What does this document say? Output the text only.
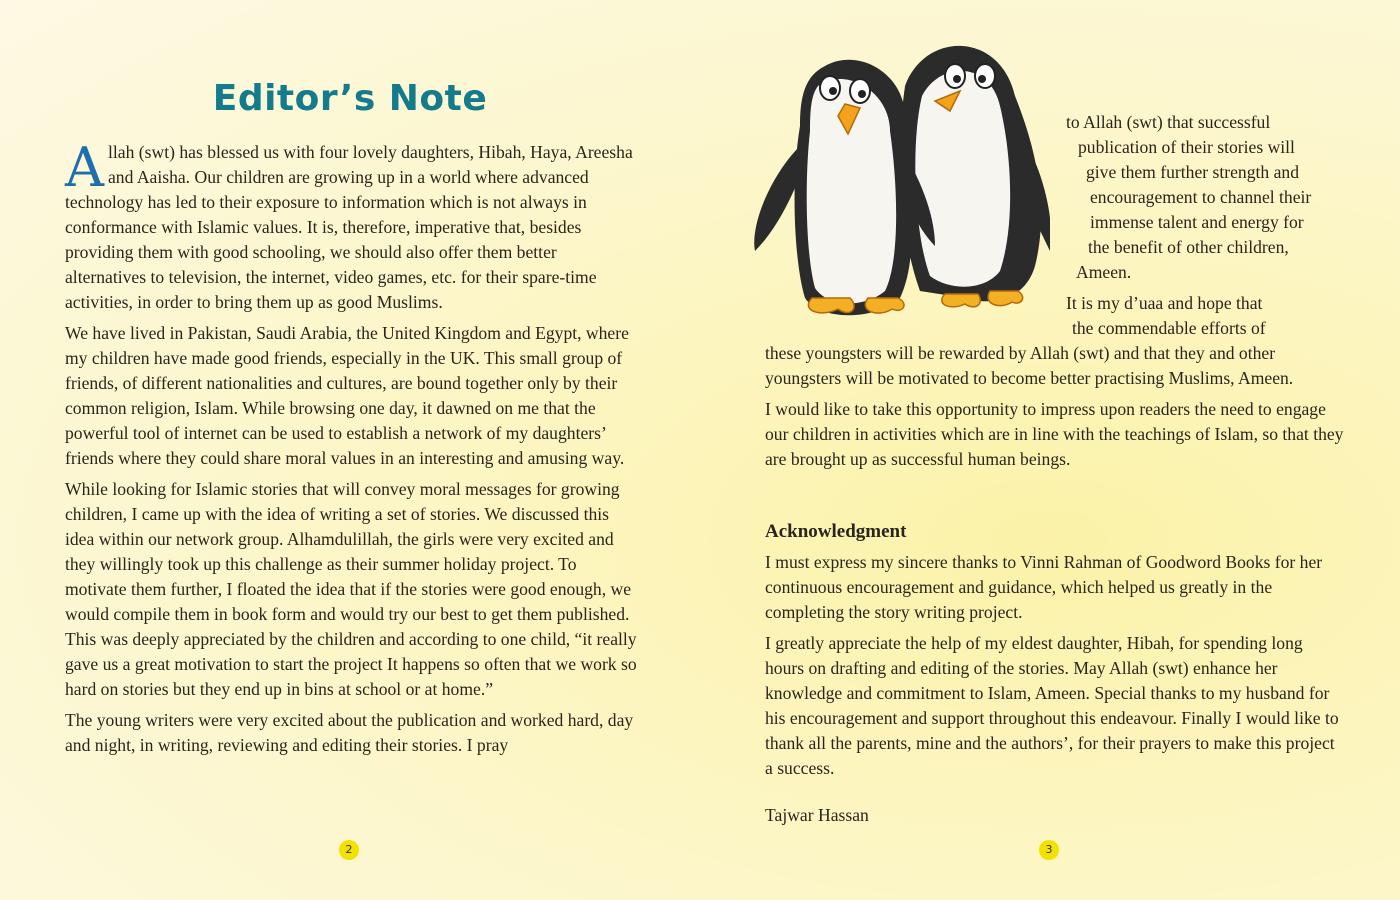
Editor’s Note

Allah (swt) has blessed us with four lovely daughters, Hibah, Haya, Areesha and Aaisha. Our children are growing up in a world where advanced technology has led to their exposure to information which is not always in conformance with Islamic values. It is, therefore, imperative that, besides providing them with good schooling, we should also offer them better alternatives to television, the internet, video games, etc. for their spare-time activities, in order to bring them up as good Muslims.

We have lived in Pakistan, Saudi Arabia, the United Kingdom and Egypt, where my children have made good friends, especially in the UK. This small group of friends, of different nationalities and cultures, are bound together only by their common religion, Islam. While browsing one day, it dawned on me that the powerful tool of internet can be used to establish a network of my daughters’ friends where they could share moral values in an interesting and amusing way.

While looking for Islamic stories that will convey moral messages for growing children, I came up with the idea of writing a set of stories. We discussed this idea within our network group. Alhamdulillah, the girls were very excited and they willingly took up this challenge as their summer holiday project. To motivate them further, I floated the idea that if the stories were good enough, we would compile them in book form and would try our best to get them published. This was deeply appreciated by the children and according to one child, “it really gave us a great motivation to start the project It happens so often that we work so hard on stories but they end up in bins at school or at home.”

The young writers were very excited about the publication and worked hard, day and night, in writing, reviewing and editing their stories. I pray

2
to Allah (swt) that successful
publication of their stories will
give them further strength and
encouragement to channel their
immense talent and energy for
the benefit of other children,
Ameen.

It is my d’uaa and hope that
the commendable efforts of
these youngsters will be rewarded by Allah (swt) and that they and other
youngsters will be motivated to become better practising Muslims, Ameen.

I would like to take this opportunity to impress upon readers the need to engage our children in activities which are in line with the teachings of Islam, so that they are brought up as successful human beings.

Acknowledgment

I must express my sincere thanks to Vinni Rahman of Goodword Books for her continuous encouragement and guidance, which helped us greatly in the completing the story writing project.

I greatly appreciate the help of my eldest daughter, Hibah, for spending long hours on drafting and editing of the stories. May Allah (swt) enhance her knowledge and commitment to Islam, Ameen. Special thanks to my husband for his encouragement and support throughout this endeavour. Finally I would like to thank all the parents, mine and the authors’, for their prayers to make this project a success.

Tajwar Hassan
3
